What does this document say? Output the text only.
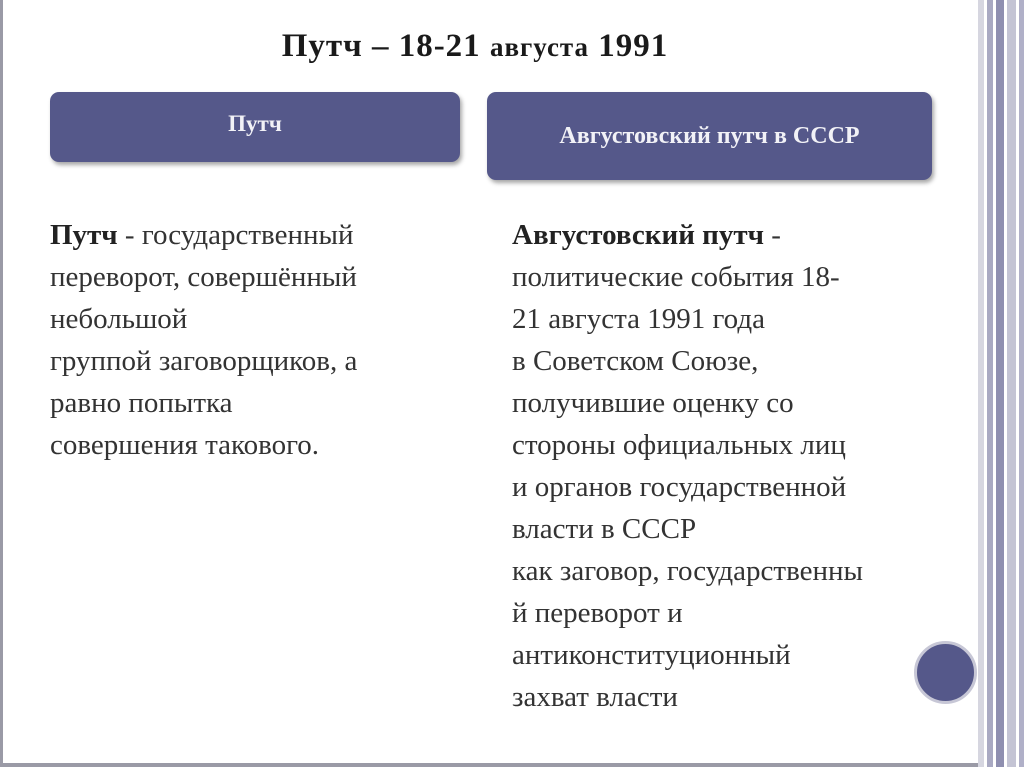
Путч – 18-21 августа 1991
Путч	Августовский путч в СССР
Путч - государственный
переворот, совершённый
небольшой
группой заговорщиков, а
равно попытка
совершения такового.
Августовский путч -
политические события 18-
21 августа 1991 года
в Советском Союзе,
получившие оценку со
стороны официальных лиц
и органов государственной
власти в СССР
как заговор, государственны
й переворот и
антиконституционный
захват власти
